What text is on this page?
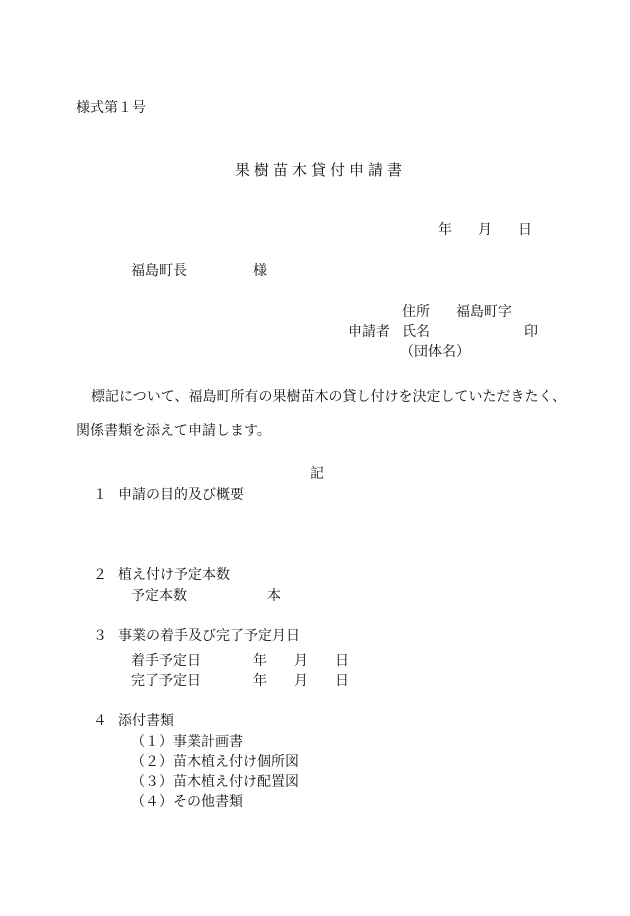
様式第１号
果樹苗木貸付申請書
年 月 日
福島町長	様
住所 福島町字
申請者 氏名	印
（団体名）
標記について、福島町所有の果樹苗木の貸し付けを決定していただきたく、
関係書類を添えて申請します。
記
１ 申請の目的及び概要
２ 植え付け予定本数
予定本数	本
３ 事業の着手及び完了予定月日
着手予定日	年 月 日
完了予定日	年 月 日
４ 添付書類
（１）事業計画書
（２）苗木植え付け個所図
（３）苗木植え付け配置図
（４）その他書類
